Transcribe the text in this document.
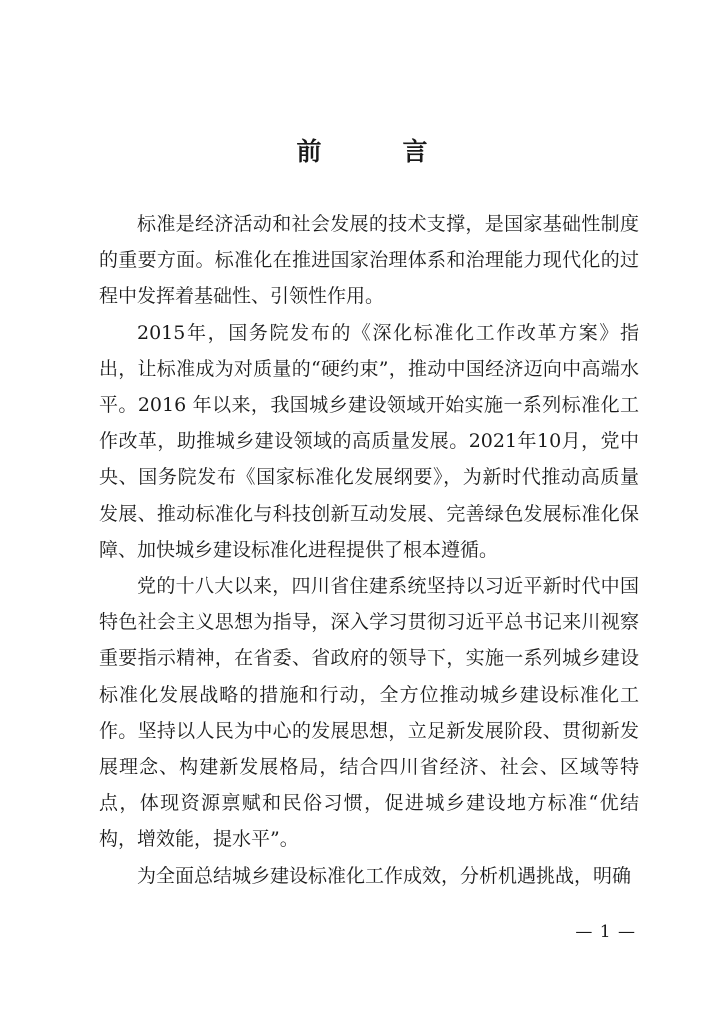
前　言

标准是经济活动和社会发展的技术支撑，是国家基础性制度的重要方面。标准化在推进国家治理体系和治理能力现代化的过程中发挥着基础性、引领性作用。

2015年，国务院发布的《深化标准化工作改革方案》指出，让标准成为对质量的“硬约束”，推动中国经济迈向中高端水平。2016 年以来，我国城乡建设领域开始实施一系列标准化工作改革，助推城乡建设领域的高质量发展。2021年10月，党中央、国务院发布《国家标准化发展纲要》，为新时代推动高质量发展、推动标准化与科技创新互动发展、完善绿色发展标准化保障、加快城乡建设标准化进程提供了根本遵循。

党的十八大以来，四川省住建系统坚持以习近平新时代中国特色社会主义思想为指导，深入学习贯彻习近平总书记来川视察重要指示精神，在省委、省政府的领导下，实施一系列城乡建设标准化发展战略的措施和行动，全方位推动城乡建设标准化工作。坚持以人民为中心的发展思想，立足新发展阶段、贯彻新发展理念、构建新发展格局，结合四川省经济、社会、区域等特点，体现资源禀赋和民俗习惯，促进城乡建设地方标准“优结构，增效能，提水平”。

为全面总结城乡建设标准化工作成效，分析机遇挑战，明确

— 1 —
